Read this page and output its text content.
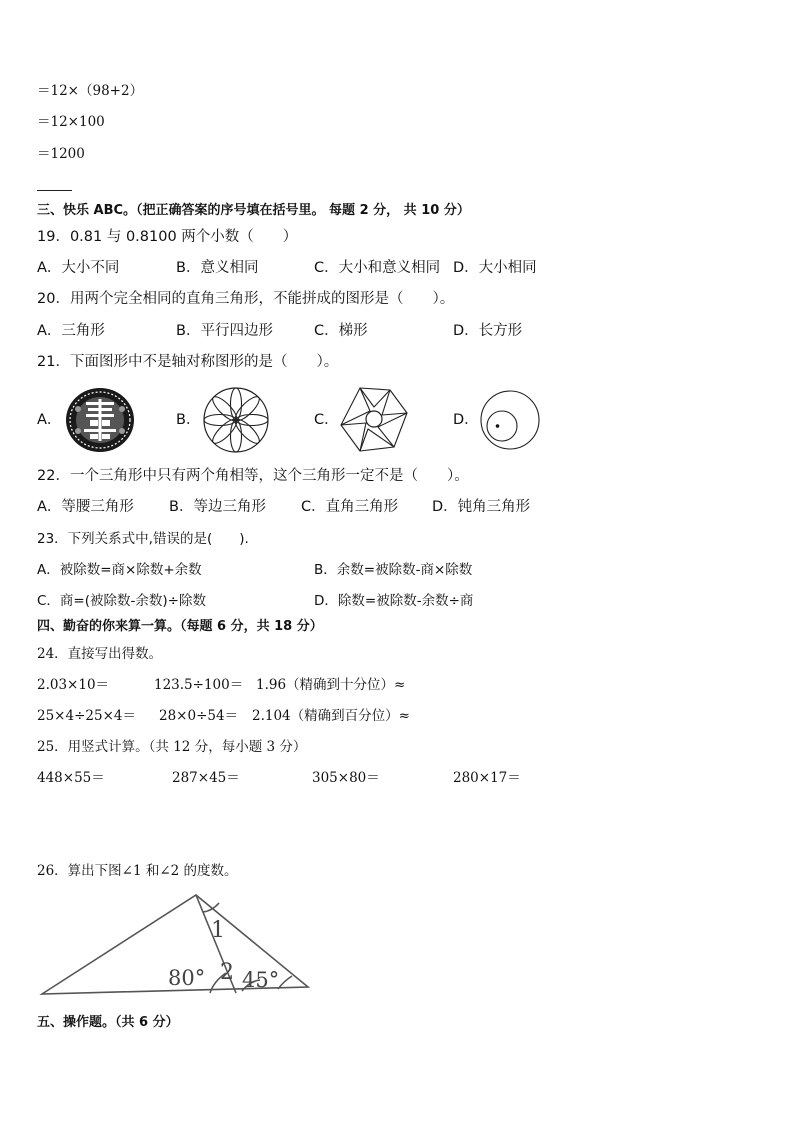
＝12×（98+2）
＝12×100
＝1200
三、快乐 ABC。（把正确答案的序号填在括号里。 每题 2 分， 共 10 分）
19．0.81 与 0.8100 两个小数（　　）
A．大小不同	B．意义相同	C．大小和意义相同 D．大小相同
20．用两个完全相同的直角三角形，不能拼成的图形是（　　）。
A．三角形	B．平行四边形	C．梯形	D．长方形
21．下面图形中不是轴对称图形的是（　　）。
A．	B．	C．	D．
22．一个三角形中只有两个角相等，这个三角形一定不是（　　）。
A．等腰三角形 B．等边三角形 C．直角三角形 D．钝角三角形
23．下列关系式中,错误的是(　　).
A．被除数=商×除数+余数	B．余数=被除数-商×除数
C．商=(被除数-余数)÷除数	D．除数=被除数-余数÷商
四、勤奋的你来算一算。（每题 6 分，共 18 分）
24．直接写出得数。
2.03×10＝	123.5÷100＝ 1.96（精确到十分位）≈
25×4÷25×4＝ 28×0÷54＝ 2.104（精确到百分位）≈
25．用竖式计算。（共 12 分，每小题 3 分）
448×55＝	287×45＝	305×80＝	280×17＝
26．算出下图∠1 和∠2 的度数。
1
2
80° 45°
五、操作题。（共 6 分）
